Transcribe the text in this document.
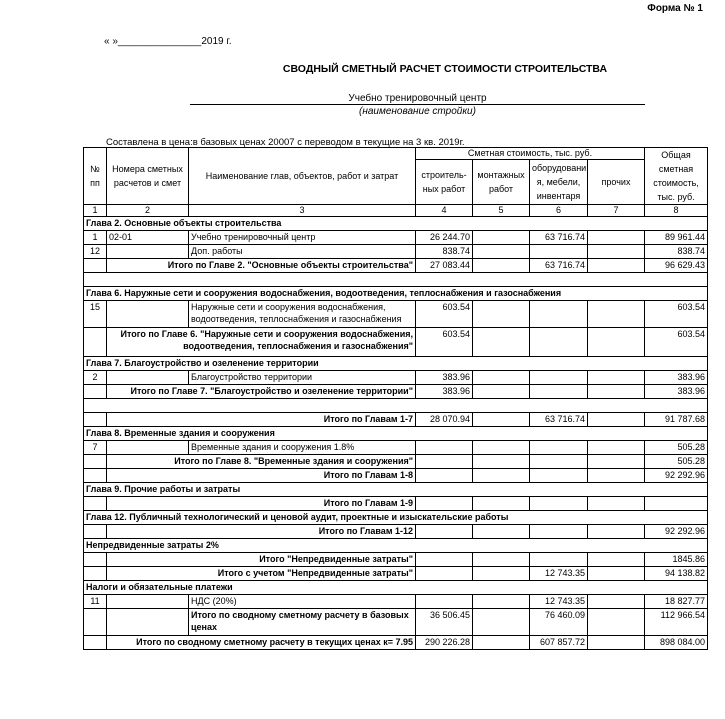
Форма № 1
« »_______________2019 г.
СВОДНЫЙ СМЕТНЫЙ РАСЧЕТ СТОИМОСТИ СТРОИТЕЛЬСТВА
Учебно тренировочный центр
(наименование стройки)
Составлена в цена:в базовых ценах 20007 с переводом в текущие на 3 кв. 2019г.
№ пп	Номера сметных расчетов и смет	Наименование глав, объектов, работ и затрат	Сметная стоимость, тыс. руб.				Общая сметная стоимость, тыс. руб.
			строитель-ных работ	монтажных работ	оборудовани я, мебели, инвентаря	прочих	
1	2	3	4	5	6	7	8
Глава 2. Основные объекты строительства							
1	02-01	Учебно тренировочный центр	26 244.70		63 716.74		89 961.44
12		Доп. работы	838.74				838.74
	Итого по Главе 2. "Основные объекты строительства"		27 083.44		63 716.74		96 629.43

Глава 6. Наружные сети и сооружения водоснабжения, водоотведения, теплоснабжения и газоснабжения							
15		Наружные сети и сооружения водоснабжения, водоотведения, теплоснабжения и газоснабжения	603.54				603.54
	Итого по Главе 6. "Наружные сети и сооружения водоснабжения, водоотведения, теплоснабжения и газоснабжения"		603.54				603.54
Глава 7. Благоустройство и озеленение территории							
2		Благоустройство территории	383.96				383.96
	Итого по Главе 7. "Благоустройство и озеленение территории"		383.96				383.96

	Итого по Главам 1-7		28 070.94		63 716.74		91 787.68
Глава 8. Временные здания и сооружения							
7		Временные здания и сооружения 1.8%					505.28
	Итого по Главе 8. "Временные здания и сооружения"						505.28
	Итого по Главам 1-8						92 292.96
Глава 9. Прочие работы и затраты							
	Итого по Главам 1-9						
Глава 12. Публичный технологический и ценовой аудит, проектные и изыскательские работы							
	Итого по Главам 1-12						92 292.96
Непредвиденные затраты 2%							
	Итого "Непредвиденные затраты"						1845.86
	Итого с учетом "Непредвиденные затраты"				12 743.35		94 138.82
Налоги и обязательные платежи							
11		НДС (20%)			12 743.35		18 827.77
		Итого по сводному сметному расчету в базовых ценах	36 506.45		76 460.09		112 966.54
	Итого по сводному сметному расчету в текущих ценах к= 7.95		290 226.28		607 857.72		898 084.00
